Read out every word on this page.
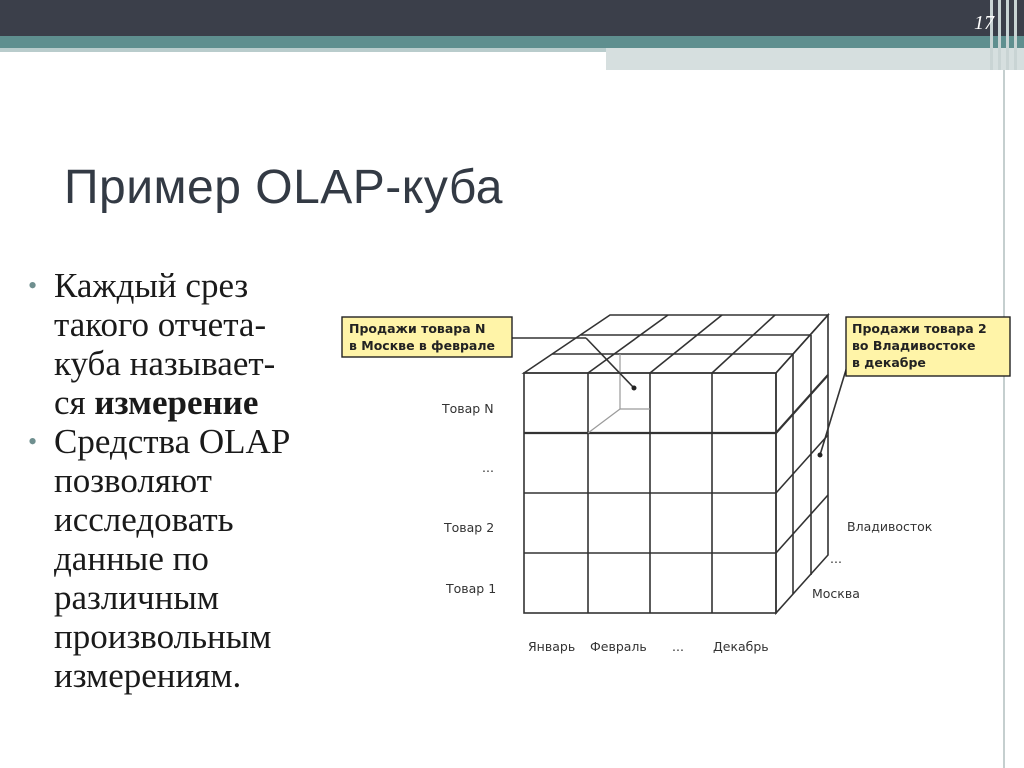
17
Пример OLAP-куба
• Каждый срез
такого отчета-
куба называет-
ся измерение
• Средства OLAP
позволяют
исследовать
данные по
различным
произвольным
измерениям.
Продажи товара N
в Москве в феврале
Продажи товара 2
во Владивостоке
в декабре
Товар N
...
Товар 2
Товар 1
Январь Февраль ... Декабрь
Владивосток
...
Москва
